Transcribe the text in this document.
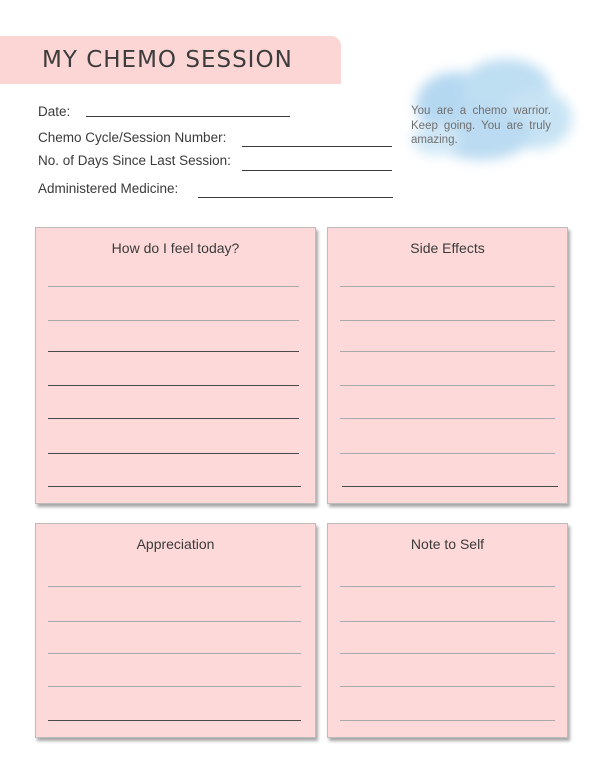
MY CHEMO SESSION
Date:
Chemo Cycle/Session Number:
No. of Days Since Last Session:
Administered Medicine:
You are a chemo warrior. Keep going. You are truly amazing.
How do I feel today?	Side Effects
Appreciation	Note to Self
